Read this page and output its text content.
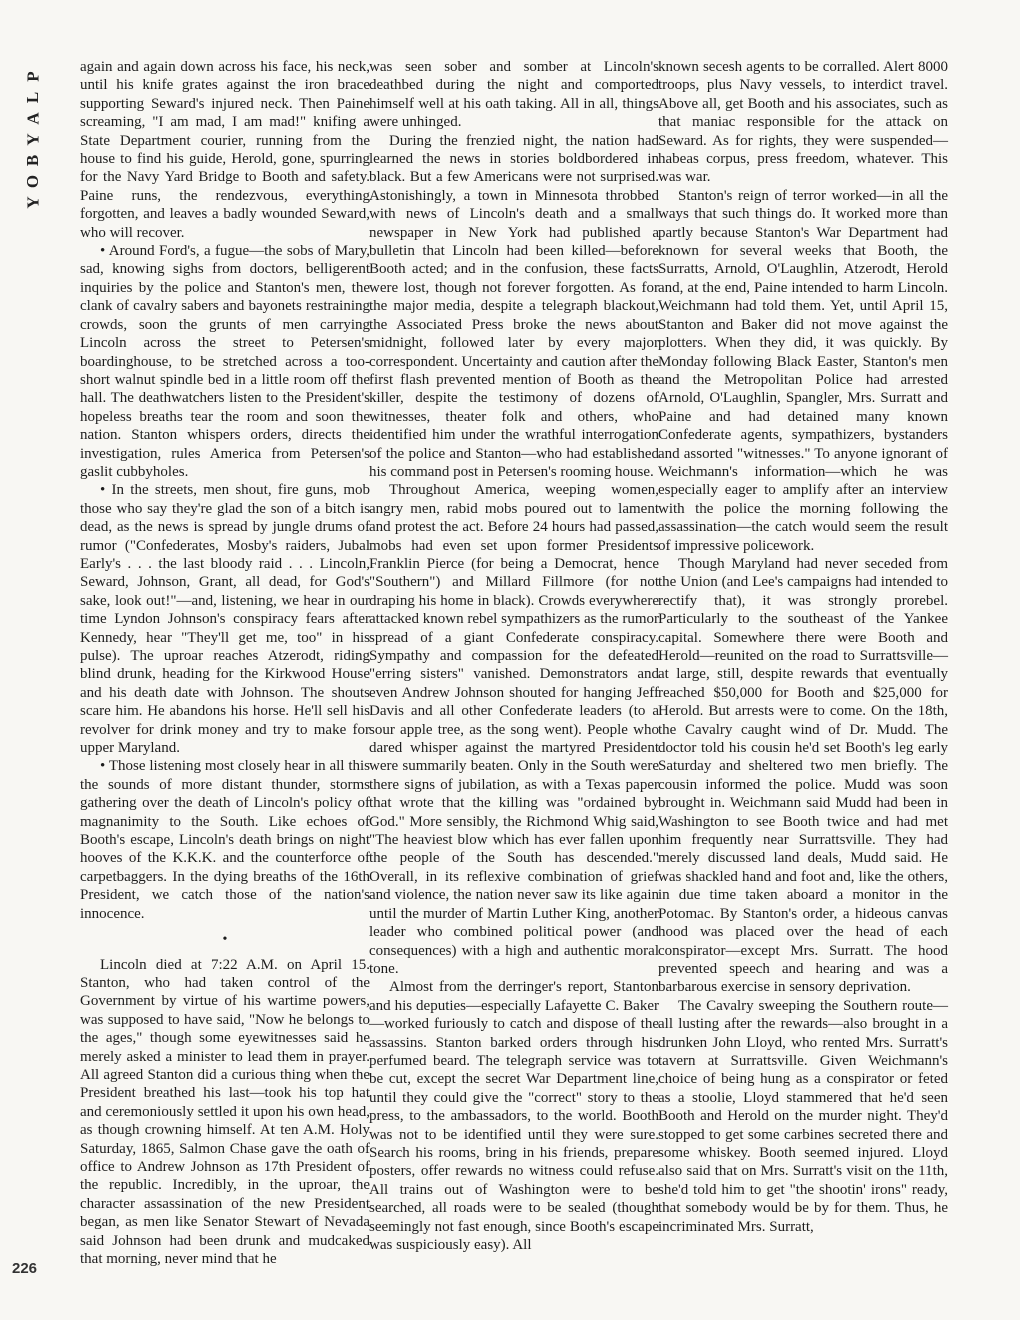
P
L
A
Y
B
O
Y

again and again down across his face, his neck, until his knife grates against the iron brace supporting Seward's injured neck. Then Paine screaming, "I am mad, I am mad!" knifing a State Department courier, running from the house to find his guide, Herold, gone, spurring for the Navy Yard Bridge to Booth and safety. Paine runs, the rendezvous, everything forgotten, and leaves a badly wounded Seward, who will recover.

• Around Ford's, a fugue—the sobs of Mary, sad, knowing sighs from doctors, belligerent inquiries by the police and Stanton's men, the clank of cavalry sabers and bayonets restraining crowds, soon the grunts of men carrying Lincoln across the street to Petersen's boardinghouse, to be stretched across a too-short walnut spindle bed in a little room off the hall. The deathwatchers listen to the President's hopeless breaths tear the room and soon the nation. Stanton whispers orders, directs the investigation, rules America from Petersen's gaslit cubbyholes.

• In the streets, men shout, fire guns, mob those who say they're glad the son of a bitch is dead, as the news is spread by jungle drums of rumor ("Confederates, Mosby's raiders, Jubal Early's . . . the last bloody raid . . . Lincoln, Seward, Johnson, Grant, all dead, for God's sake, look out!"—and, listening, we hear in our time Lyndon Johnson's conspiracy fears after Kennedy, hear "They'll get me, too" in his pulse). The uproar reaches Atzerodt, riding blind drunk, heading for the Kirkwood House and his death date with Johnson. The shouts scare him. He abandons his horse. He'll sell his revolver for drink money and try to make for upper Maryland.

• Those listening most closely hear in all this the sounds of more distant thunder, storms gathering over the death of Lincoln's policy of magnanimity to the South. Like echoes of Booth's escape, Lincoln's death brings on night hooves of the K.K.K. and the counterforce of carpetbaggers. In the dying breaths of the 16th President, we catch those of the nation's innocence.

•

Lincoln died at 7:22 A.M. on April 15. Stanton, who had taken control of the Government by virtue of his wartime powers, was supposed to have said, "Now he belongs to the ages," though some eyewitnesses said he merely asked a minister to lead them in prayer. All agreed Stanton did a curious thing when the President breathed his last—took his top hat and ceremoniously settled it upon his own head, as though crowning himself. At ten A.M. Holy Saturday, 1865, Salmon Chase gave the oath of office to Andrew Johnson as 17th President of the republic. Incredibly, in the uproar, the character assassination of the new President began, as men like Senator Stewart of Nevada said Johnson had been drunk and mudcaked that morning, never mind that he

was seen sober and somber at Lincoln's deathbed during the night and comported himself well at his oath taking. All in all, things were unhinged.

During the frenzied night, the nation had learned the news in stories boldbordered in black. But a few Americans were not surprised. Astonishingly, a town in Minnesota throbbed with news of Lincoln's death and a small newspaper in New York had published a bulletin that Lincoln had been killed—before Booth acted; and in the confusion, these facts were lost, though not forever forgotten. As for the major media, despite a telegraph blackout, the Associated Press broke the news about midnight, followed later by every major correspondent. Uncertainty and caution after the first flash prevented mention of Booth as the killer, despite the testimony of dozens of witnesses, theater folk and others, who identified him under the wrathful interrogation of the police and Stanton—who had established his command post in Petersen's rooming house.

Throughout America, weeping women, angry men, rabid mobs poured out to lament and protest the act. Before 24 hours had passed, mobs had even set upon former Presidents Franklin Pierce (for being a Democrat, hence "Southern") and Millard Fillmore (for not draping his home in black). Crowds everywhere attacked known rebel sympathizers as the rumor spread of a giant Confederate conspiracy. Sympathy and compassion for the defeated "erring sisters" vanished. Demonstrators and even Andrew Johnson shouted for hanging Jeff Davis and all other Confederate leaders (to a sour apple tree, as the song went). People who dared whisper against the martyred President were summarily beaten. Only in the South were there signs of jubilation, as with a Texas paper that wrote that the killing was "ordained by God." More sensibly, the Richmond Whig said, "The heaviest blow which has ever fallen upon the people of the South has descended." Overall, in its reflexive combination of grief and violence, the nation never saw its like again until the murder of Martin Luther King, another leader who combined political power (and consequences) with a high and authentic moral tone.

Almost from the derringer's report, Stanton and his deputies—especially Lafayette C. Baker—worked furiously to catch and dispose of the assassins. Stanton barked orders through his perfumed beard. The telegraph service was to be cut, except the secret War Department line, until they could give the "correct" story to the press, to the ambassadors, to the world. Booth was not to be identified until they were sure. Search his rooms, bring in his friends, prepare posters, offer rewards no witness could refuse. All trains out of Washington were to be searched, all roads were to be sealed (though seemingly not fast enough, since Booth's escape was suspiciously easy). All

known secesh agents to be corralled. Alert 8000 troops, plus Navy vessels, to interdict travel. Above all, get Booth and his associates, such as that maniac responsible for the attack on Seward. As for rights, they were suspended—habeas corpus, press freedom, whatever. This was war.

Stanton's reign of terror worked—in all the ways that such things do. It worked more than partly because Stanton's War Department had known for several weeks that Booth, the Surratts, Arnold, O'Laughlin, Atzerodt, Herold and, at the end, Paine intended to harm Lincoln. Weichmann had told them. Yet, until April 15, Stanton and Baker did not move against the plotters. When they did, it was quickly. By Monday following Black Easter, Stanton's men and the Metropolitan Police had arrested Arnold, O'Laughlin, Spangler, Mrs. Surratt and Paine and had detained many known Confederate agents, sympathizers, bystanders and assorted "witnesses." To anyone ignorant of Weichmann's information—which he was especially eager to amplify after an interview with the police the morning following the assassination—the catch would seem the result of impressive policework.

Though Maryland had never seceded from the Union (and Lee's campaigns had intended to rectify that), it was strongly prorebel. Particularly to the southeast of the Yankee capital. Somewhere there were Booth and Herold—reunited on the road to Surrattsville—at large, still, despite rewards that eventually reached $50,000 for Booth and $25,000 for Herold. But arrests were to come. On the 18th, the Cavalry caught wind of Dr. Mudd. The doctor told his cousin he'd set Booth's leg early Saturday and sheltered two men briefly. The cousin informed the police. Mudd was soon brought in. Weichmann said Mudd had been in Washington to see Booth twice and had met him frequently near Surrattsville. They had merely discussed land deals, Mudd said. He was shackled hand and foot and, like the others, in due time taken aboard a monitor in the Potomac. By Stanton's order, a hideous canvas hood was placed over the head of each conspirator—except Mrs. Surratt. The hood prevented speech and hearing and was a barbarous exercise in sensory deprivation.

The Cavalry sweeping the Southern route—all lusting after the rewards—also brought in a drunken John Lloyd, who rented Mrs. Surratt's tavern at Surrattsville. Given Weichmann's choice of being hung as a conspirator or feted as a stoolie, Lloyd stammered that he'd seen Booth and Herold on the murder night. They'd stopped to get some carbines secreted there and some whiskey. Booth seemed injured. Lloyd also said that on Mrs. Surratt's visit on the 11th, she'd told him to get "the shootin' irons" ready, that somebody would be by for them. Thus, he incriminated Mrs. Surratt,

226
